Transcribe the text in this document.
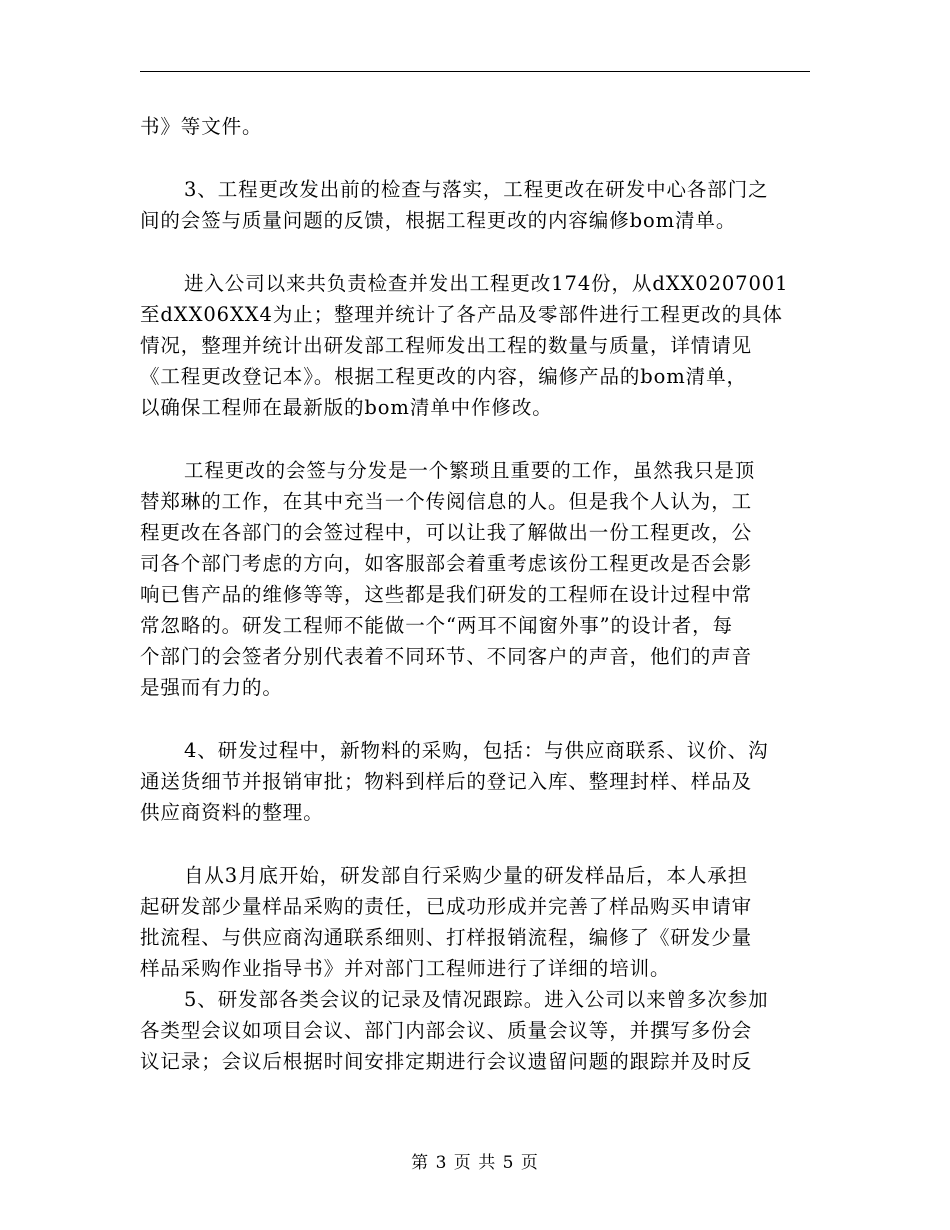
书》等文件。
3、工程更改发出前的检查与落实，工程更改在研发中心各部门之
间的会签与质量问题的反馈，根据工程更改的内容编修bom清单。
进入公司以来共负责检查并发出工程更改174份，从dXX0207001
至dXX06XX4为止；整理并统计了各产品及零部件进行工程更改的具体
情况，整理并统计出研发部工程师发出工程的数量与质量，详情请见
《工程更改登记本》。根据工程更改的内容，编修产品的bom清单，
以确保工程师在最新版的bom清单中作修改。
工程更改的会签与分发是一个繁琐且重要的工作，虽然我只是顶
替郑琳的工作，在其中充当一个传阅信息的人。但是我个人认为，工
程更改在各部门的会签过程中，可以让我了解做出一份工程更改，公
司各个部门考虑的方向，如客服部会着重考虑该份工程更改是否会影
响已售产品的维修等等，这些都是我们研发的工程师在设计过程中常
常忽略的。研发工程师不能做一个“两耳不闻窗外事”的设计者，每
个部门的会签者分别代表着不同环节、不同客户的声音，他们的声音
是强而有力的。
4、研发过程中，新物料的采购，包括：与供应商联系、议价、沟
通送货细节并报销审批；物料到样后的登记入库、整理封样、样品及
供应商资料的整理。
自从3月底开始，研发部自行采购少量的研发样品后，本人承担
起研发部少量样品采购的责任，已成功形成并完善了样品购买申请审
批流程、与供应商沟通联系细则、打样报销流程，编修了《研发少量
样品采购作业指导书》并对部门工程师进行了详细的培训。
5、研发部各类会议的记录及情况跟踪。进入公司以来曾多次参加
各类型会议如项目会议、部门内部会议、质量会议等，并撰写多份会
议记录；会议后根据时间安排定期进行会议遗留问题的跟踪并及时反
第 3 页 共 5 页
